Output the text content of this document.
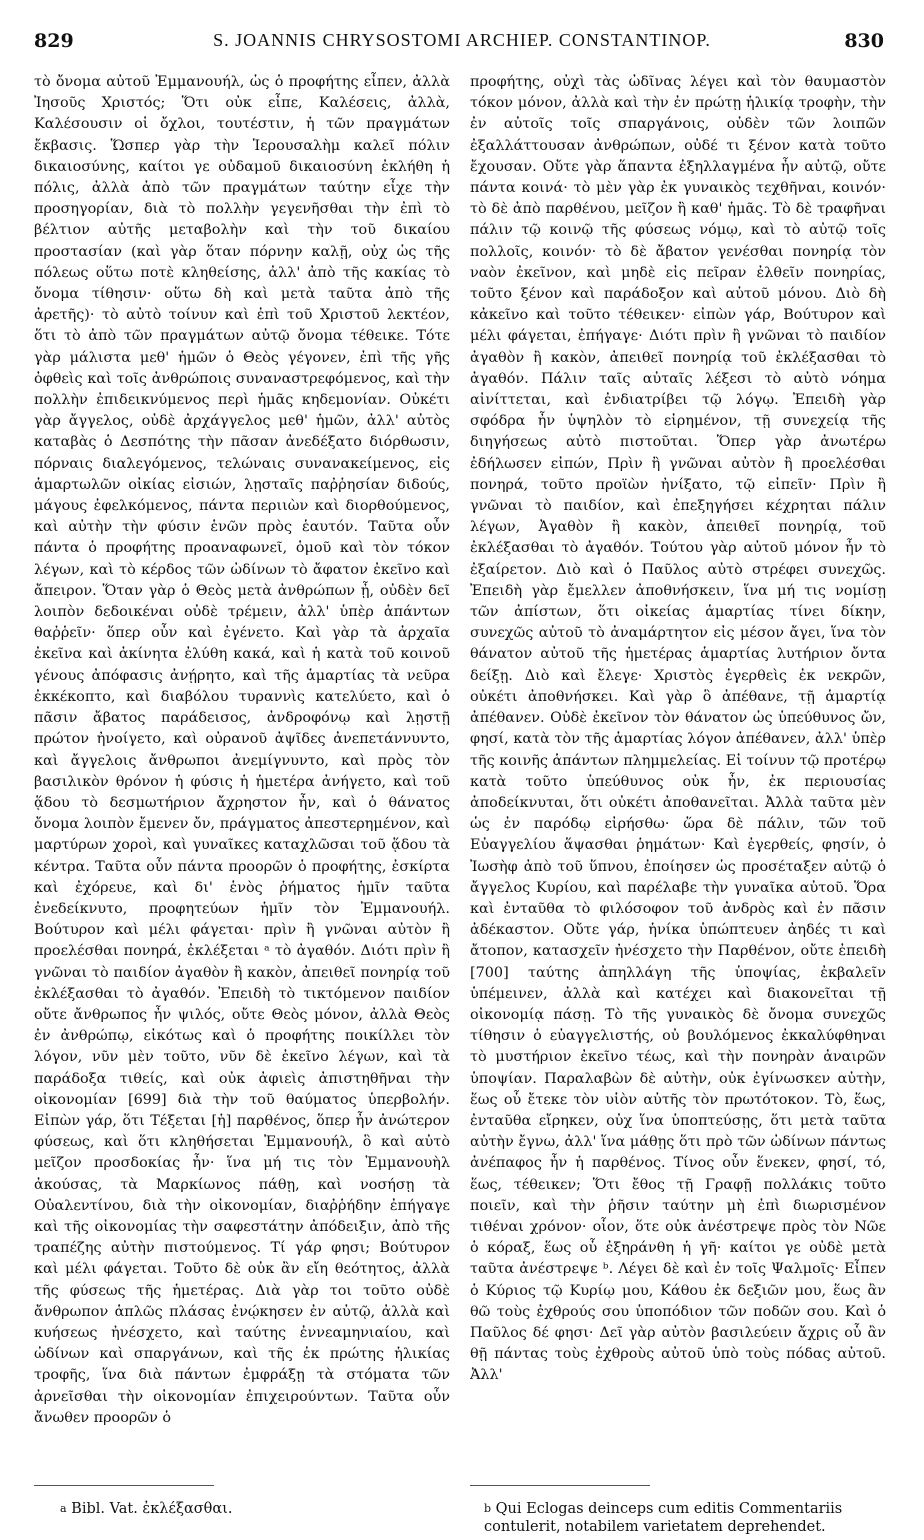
829	S. JOANNIS CHRYSOSTOMI ARCHIEP. CONSTANTINOP.	830

τὸ ὄνομα αὐτοῦ Ἐμμανουήλ, ὡς ὁ προφήτης εἶπεν, ἀλλὰ Ἰησοῦς Χριστός; Ὅτι οὐκ εἶπε, Καλέσεις, ἀλλὰ, Καλέσουσιν οἱ ὄχλοι, τουτέστιν, ἡ τῶν πραγμάτων ἔκβασις. Ὥσπερ γὰρ τὴν Ἱερουσαλὴμ καλεῖ πόλιν δικαιοσύνης, καίτοι γε οὐδαμοῦ δικαιοσύνη ἐκλήθη ἡ πόλις, ἀλλὰ ἀπὸ τῶν πραγμάτων ταύτην εἶχε τὴν προσηγορίαν, διὰ τὸ πολλὴν γεγενῆσθαι τὴν ἐπὶ τὸ βέλτιον αὐτῆς μεταβολὴν καὶ τὴν τοῦ δικαίου προστασίαν (καὶ γὰρ ὅταν πόρνην καλῇ, οὐχ ὡς τῆς πόλεως οὕτω ποτὲ κληθείσης, ἀλλ' ἀπὸ τῆς κακίας τὸ ὄνομα τίθησιν· οὕτω δὴ καὶ μετὰ ταῦτα ἀπὸ τῆς ἀρετῆς)· τὸ αὐτὸ τοίνυν καὶ ἐπὶ τοῦ Χριστοῦ λεκτέον, ὅτι τὸ ἀπὸ τῶν πραγμάτων αὐτῷ ὄνομα τέθεικε. Τότε γὰρ μάλιστα μεθ' ἡμῶν ὁ Θεὸς γέγονεν, ἐπὶ τῆς γῆς ὀφθεὶς καὶ τοῖς ἀνθρώποις συναναστρεφόμενος, καὶ τὴν πολλὴν ἐπιδεικνύμενος περὶ ἡμᾶς κηδεμονίαν. Οὐκέτι γὰρ ἄγγελος, οὐδὲ ἀρχάγγελος μεθ' ἡμῶν, ἀλλ' αὐτὸς καταβὰς ὁ Δεσπότης τὴν πᾶσαν ἀνεδέξατο διόρθωσιν, πόρναις διαλεγόμενος, τελώναις συνανακείμενος, εἰς ἁμαρτωλῶν οἰκίας εἰσιών, λῃσταῖς παῤῥησίαν διδούς, μάγους ἐφελκόμενος, πάντα περιιὼν καὶ διορθούμενος, καὶ αὐτὴν τὴν φύσιν ἑνῶν πρὸς ἑαυτόν. Ταῦτα οὖν πάντα ὁ προφήτης προαναφωνεῖ, ὁμοῦ καὶ τὸν τόκον λέγων, καὶ τὸ κέρδος τῶν ὠδίνων τὸ ἄφατον ἐκεῖνο καὶ ἄπειρον. Ὅταν γὰρ ὁ Θεὸς μετὰ ἀνθρώπων ᾖ, οὐδὲν δεῖ λοιπὸν δεδοικέναι οὐδὲ τρέμειν, ἀλλ' ὑπὲρ ἁπάντων θαῤῥεῖν· ὅπερ οὖν καὶ ἐγένετο. Καὶ γὰρ τὰ ἀρχαῖα ἐκεῖνα καὶ ἀκίνητα ἐλύθη κακά, καὶ ἡ κατὰ τοῦ κοινοῦ γένους ἀπόφασις ἀνῄρητο, καὶ τῆς ἁμαρτίας τὰ νεῦρα ἐκκέκοπτο, καὶ διαβόλου τυραννὶς κατελύετο, καὶ ὁ πᾶσιν ἄβατος παράδεισος, ἀνδροφόνῳ καὶ λῃστῇ πρώτον ἠνοίγετο, καὶ οὐρανοῦ ἀψῖδες ἀνεπετάννυντο, καὶ ἄγγελοις ἄνθρωποι ἀνεμίγνυντο, καὶ πρὸς τὸν βασιλικὸν θρόνον ἡ φύσις ἡ ἡμετέρα ἀνήγετο, καὶ τοῦ ᾅδου τὸ δεσμωτήριον ἄχρηστον ἦν, καὶ ὁ θάνατος ὄνομα λοιπὸν ἔμενεν ὄν, πράγματος ἀπεστερημένον, καὶ μαρτύρων χοροὶ, καὶ γυναῖκες καταχλῶσαι τοῦ ᾅδου τὰ κέντρα. Ταῦτα οὖν πάντα προορῶν ὁ προφήτης, ἐσκίρτα καὶ ἐχόρευε, καὶ δι' ἑνὸς ῥήματος ἡμῖν ταῦτα ἐνεδείκνυτο, προφητεύων ἡμῖν τὸν Ἐμμανουήλ. Βούτυρον καὶ μέλι φάγεται· πρὶν ἢ γνῶναι αὐτὸν ἢ προελέσθαι πονηρά, ἐκλέξεται ᵃ τὸ ἀγαθόν. Διότι πρὶν ἢ γνῶναι τὸ παιδίον ἀγαθὸν ἢ κακὸν, ἀπειθεῖ πονηρίᾳ τοῦ ἐκλέξασθαι τὸ ἀγαθόν. Ἐπειδὴ τὸ τικτόμενον παιδίον οὔτε ἄνθρωπος ἦν ψιλός, οὔτε Θεὸς μόνον, ἀλλὰ Θεὸς ἐν ἀνθρώπῳ, εἰκότως καὶ ὁ προφήτης ποικίλλει τὸν λόγον, νῦν μὲν τοῦτο, νῦν δὲ ἐκεῖνο λέγων, καὶ τὰ παράδοξα τιθείς, καὶ οὐκ ἀφιεὶς ἀπιστηθῆναι τὴν οἰκονομίαν [699] διὰ τὴν τοῦ θαύματος ὑπερβολήν. Εἰπὼν γάρ, ὅτι Τέξεται [ἡ] παρθένος, ὅπερ ἦν ἀνώτερον φύσεως, καὶ ὅτι κληθήσεται Ἐμμανουήλ, ὃ καὶ αὐτὸ μεῖζον προσδοκίας ἦν· ἵνα μή τις τὸν Ἐμμανουὴλ ἀκούσας, τὰ Μαρκίωνος πάθῃ, καὶ νοσήσῃ τὰ Οὐαλεντίνου, διὰ τὴν οἰκονομίαν, διαῤῥήδην ἐπήγαγε καὶ τῆς οἰκονομίας τὴν σαφεστάτην ἀπόδειξιν, ἀπὸ τῆς τραπέζης αὐτὴν πιστούμενος. Τί γάρ φησι; Βούτυρον καὶ μέλι φάγεται. Τοῦτο δὲ οὐκ ἂν εἴη θεότητος, ἀλλὰ τῆς φύσεως τῆς ἡμετέρας. Διὰ γὰρ τοι τοῦτο οὐδὲ ἄνθρωπον ἁπλῶς πλάσας ἐνῴκησεν ἐν αὐτῷ, ἀλλὰ καὶ κυήσεως ἠνέσχετο, καὶ ταύτης ἐννεαμηνιαίου, καὶ ὠδίνων καὶ σπαργάνων, καὶ τῆς ἐκ πρώτης ἡλικίας τροφῆς, ἵνα διὰ πάντων ἐμφράξῃ τὰ στόματα τῶν ἀρνεῖσθαι τὴν οἰκονομίαν ἐπιχειρούντων. Ταῦτα οὖν ἄνωθεν προορῶν ὁ

προφήτης, οὐχὶ τὰς ὠδῖνας λέγει καὶ τὸν θαυμαστὸν τόκον μόνον, ἀλλὰ καὶ τὴν ἐν πρώτῃ ἡλικίᾳ τροφὴν, τὴν ἐν αὐτοῖς τοῖς σπαργάνοις, οὐδὲν τῶν λοιπῶν ἐξαλλάττουσαν ἀνθρώπων, οὐδέ τι ξένον κατὰ τοῦτο ἔχουσαν. Οὔτε γὰρ ἅπαντα ἐξηλλαγμένα ἦν αὐτῷ, οὔτε πάντα κοινά· τὸ μὲν γὰρ ἐκ γυναικὸς τεχθῆναι, κοινόν· τὸ δὲ ἀπὸ παρθένου, μεῖζον ἢ καθ' ἡμᾶς. Τὸ δὲ τραφῆναι πάλιν τῷ κοινῷ τῆς φύσεως νόμῳ, καὶ τὸ αὐτῷ τοῖς πολλοῖς, κοινόν· τὸ δὲ ἄβατον γενέσθαι πονηρίᾳ τὸν ναὸν ἐκεῖνον, καὶ μηδὲ εἰς πεῖραν ἐλθεῖν πονηρίας, τοῦτο ξένον καὶ παράδοξον καὶ αὐτοῦ μόνου. Διὸ δὴ κἀκεῖνο καὶ τοῦτο τέθεικεν· εἰπὼν γάρ, Βούτυρον καὶ μέλι φάγεται, ἐπήγαγε· Διότι πρὶν ἢ γνῶναι τὸ παιδίον ἀγαθὸν ἢ κακὸν, ἀπειθεῖ πονηρίᾳ τοῦ ἐκλέξασθαι τὸ ἀγαθόν. Πάλιν ταῖς αὐταῖς λέξεσι τὸ αὐτὸ νόημα αἰνίττεται, καὶ ἐνδιατρίβει τῷ λόγῳ. Ἐπειδὴ γὰρ σφόδρα ἦν ὑψηλὸν τὸ εἰρημένον, τῇ συνεχείᾳ τῆς διηγήσεως αὐτὸ πιστοῦται. Ὅπερ γὰρ ἀνωτέρω ἐδήλωσεν εἰπών, Πρὶν ἢ γνῶναι αὐτὸν ἢ προελέσθαι πονηρά, τοῦτο προϊὼν ἠνίξατο, τῷ εἰπεῖν· Πρὶν ἢ γνῶναι τὸ παιδίον, καὶ ἐπεξηγήσει κέχρηται πάλιν λέγων, Ἀγαθὸν ἢ κακὸν, ἀπειθεῖ πονηρίᾳ, τοῦ ἐκλέξασθαι τὸ ἀγαθόν. Τούτου γὰρ αὐτοῦ μόνον ἦν τὸ ἐξαίρετον. Διὸ καὶ ὁ Παῦλος αὐτὸ στρέφει συνεχῶς. Ἐπειδὴ γὰρ ἔμελλεν ἀποθνήσκειν, ἵνα μή τις νομίσῃ τῶν ἀπίστων, ὅτι οἰκείας ἁμαρτίας τίνει δίκην, συνεχῶς αὐτοῦ τὸ ἀναμάρτητον εἰς μέσον ἄγει, ἵνα τὸν θάνατον αὐτοῦ τῆς ἡμετέρας ἁμαρτίας λυτήριον ὄντα δείξῃ. Διὸ καὶ ἔλεγε· Χριστὸς ἐγερθεὶς ἐκ νεκρῶν, οὐκέτι ἀποθνήσκει. Καὶ γὰρ ὃ ἀπέθανε, τῇ ἁμαρτίᾳ ἀπέθανεν. Οὐδὲ ἐκεῖνον τὸν θάνατον ὡς ὑπεύθυνος ὤν, φησί, κατὰ τὸν τῆς ἁμαρτίας λόγον ἀπέθανεν, ἀλλ' ὑπὲρ τῆς κοινῆς ἁπάντων πλημμελείας. Εἰ τοίνυν τῷ προτέρῳ κατὰ τοῦτο ὑπεύθυνος οὐκ ἦν, ἐκ περιουσίας ἀποδείκνυται, ὅτι οὐκέτι ἀποθανεῖται. Ἀλλὰ ταῦτα μὲν ὡς ἐν παρόδῳ εἰρήσθω· ὥρα δὲ πάλιν, τῶν τοῦ Εὐαγγελίου ἅψασθαι ῥημάτων· Καὶ ἐγερθείς, φησίν, ὁ Ἰωσὴφ ἀπὸ τοῦ ὕπνου, ἐποίησεν ὡς προσέταξεν αὐτῷ ὁ ἄγγελος Κυρίου, καὶ παρέλαβε τὴν γυναῖκα αὐτοῦ. Ὅρα καὶ ἐνταῦθα τὸ φιλόσοφον τοῦ ἀνδρὸς καὶ ἐν πᾶσιν ἀδέκαστον. Οὔτε γάρ, ἡνίκα ὑπώπτευεν ἀηδές τι καὶ ἄτοπον, κατασχεῖν ἠνέσχετο τὴν Παρθένον, οὔτε ἐπειδὴ [700] ταύτης ἀπηλλάγη τῆς ὑποψίας, ἐκβαλεῖν ὑπέμεινεν, ἀλλὰ καὶ κατέχει καὶ διακονεῖται τῇ οἰκονομίᾳ πάσῃ. Τὸ τῆς γυναικὸς δὲ ὄνομα συνεχῶς τίθησιν ὁ εὐαγγελιστής, οὐ βουλόμενος ἐκκαλύφθηναι τὸ μυστήριον ἐκεῖνο τέως, καὶ τὴν πονηρὰν ἀναιρῶν ὑποψίαν. Παραλαβὼν δὲ αὐτὴν, οὐκ ἐγίνωσκεν αὐτὴν, ἕως οὗ ἔτεκε τὸν υἱὸν αὐτῆς τὸν πρωτότοκον. Τὸ, ἕως, ἐνταῦθα εἴρηκεν, οὐχ ἵνα ὑποπτεύσῃς, ὅτι μετὰ ταῦτα αὐτὴν ἔγνω, ἀλλ' ἵνα μάθῃς ὅτι πρὸ τῶν ὠδίνων πάντως ἀνέπαφος ἦν ἡ παρθένος. Τίνος οὖν ἕνεκεν, φησί, τό, ἕως, τέθεικεν; Ὅτι ἔθος τῇ Γραφῇ πολλάκις τοῦτο ποιεῖν, καὶ τὴν ῥῆσιν ταύτην μὴ ἐπὶ διωρισμένον τιθέναι χρόνον· οἷον, ὅτε οὐκ ἀνέστρεψε πρὸς τὸν Νῶε ὁ κόραξ, ἕως οὗ ἐξηράνθη ἡ γῆ· καίτοι γε οὐδὲ μετὰ ταῦτα ἀνέστρεψε ᵇ. Λέγει δὲ καὶ ἐν τοῖς Ψαλμοῖς· Εἶπεν ὁ Κύριος τῷ Κυρίῳ μου, Κάθου ἐκ δεξιῶν μου, ἕως ἂν θῶ τοὺς ἐχθρούς σου ὑποπόδιον τῶν ποδῶν σου. Καὶ ὁ Παῦλος δέ φησι· Δεῖ γὰρ αὐτὸν βασιλεύειν ἄχρις οὗ ἂν θῇ πάντας τοὺς ἐχθροὺς αὐτοῦ ὑπὸ τοὺς πόδας αὐτοῦ. Ἀλλ'

$^a$ Bibl. Vat. ἐκλέξασθαι.	$^b$ Qui Eclogas deinceps cum editis Commentariis contulerit, notabilem varietatem deprehendet.
